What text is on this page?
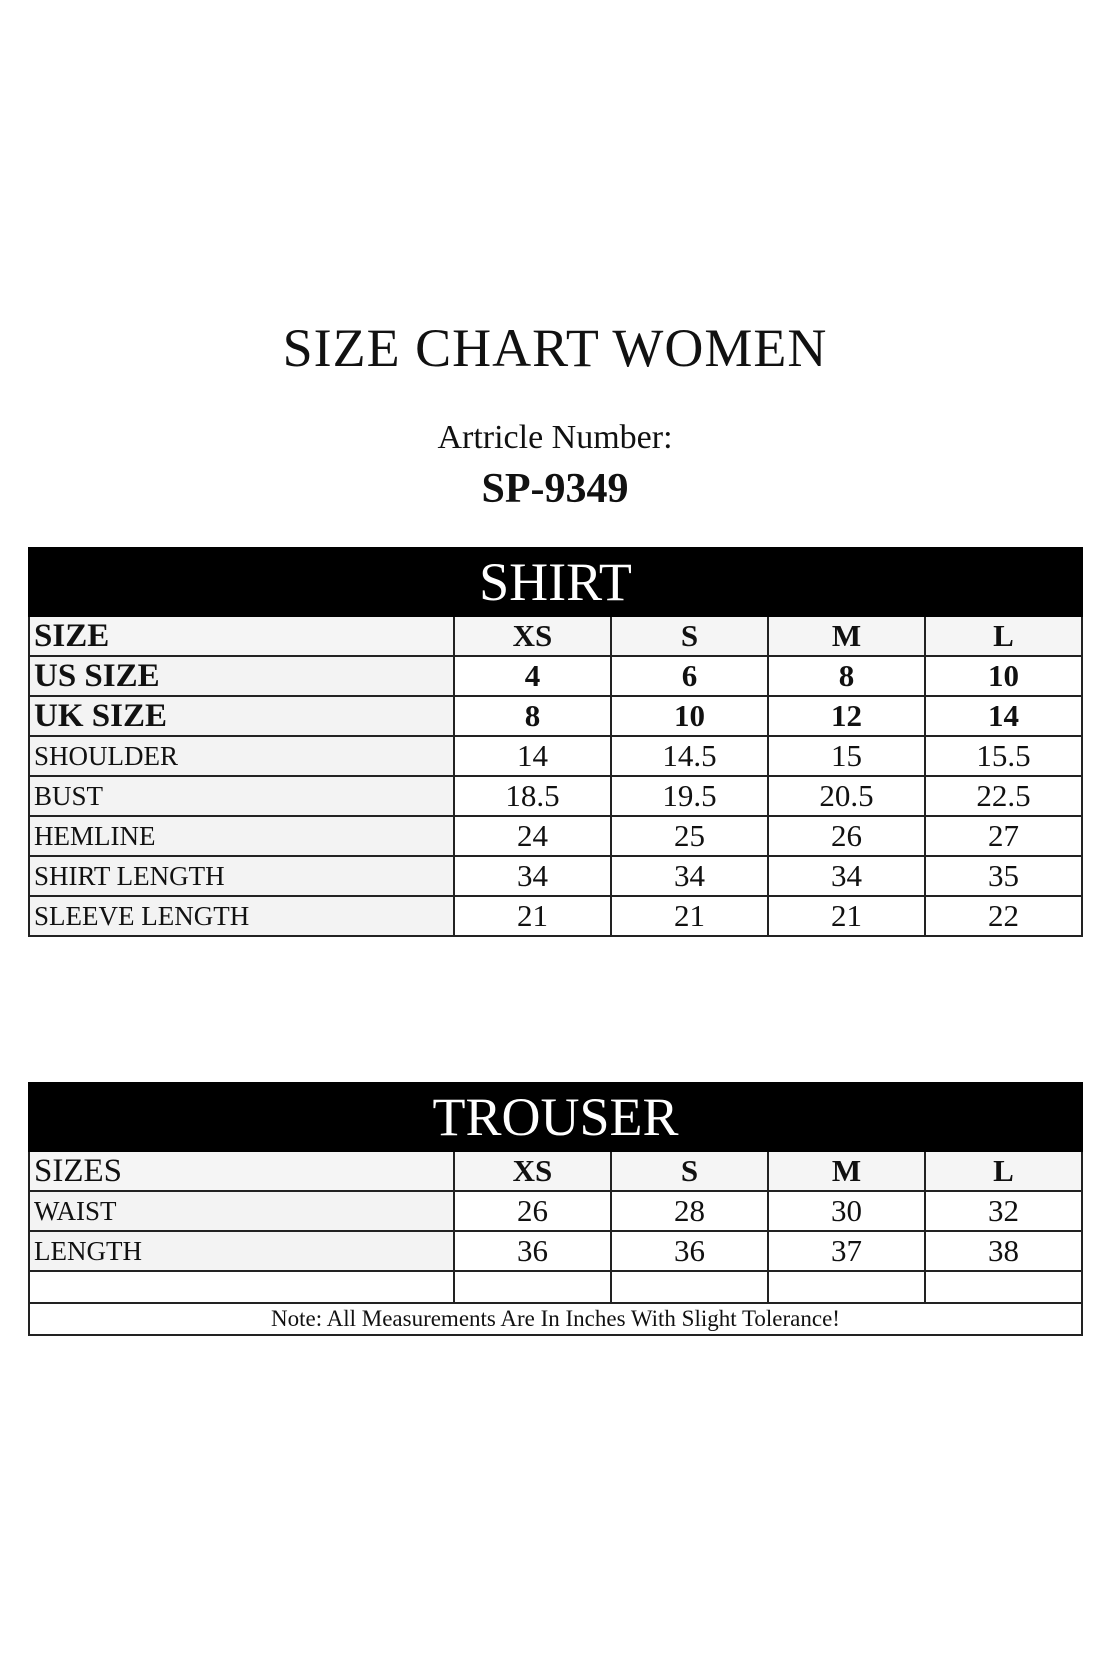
SIZE CHART WOMEN
Artricle Number:
SP-9349
SHIRT				
SIZE	XS	S	M	L
US SIZE	4	6	8	10
UK SIZE	8	10	12	14
SHOULDER	14	14.5	15	15.5
BUST	18.5	19.5	20.5	22.5
HEMLINE	24	25	26	27
SHIRT LENGTH	34	34	34	35
SLEEVE LENGTH	21	21	21	22
TROUSER				
SIZES	XS	S	M	L
WAIST	26	28	30	32
LENGTH	36	36	37	38

Note: All Measurements Are In Inches With Slight Tolerance!				
